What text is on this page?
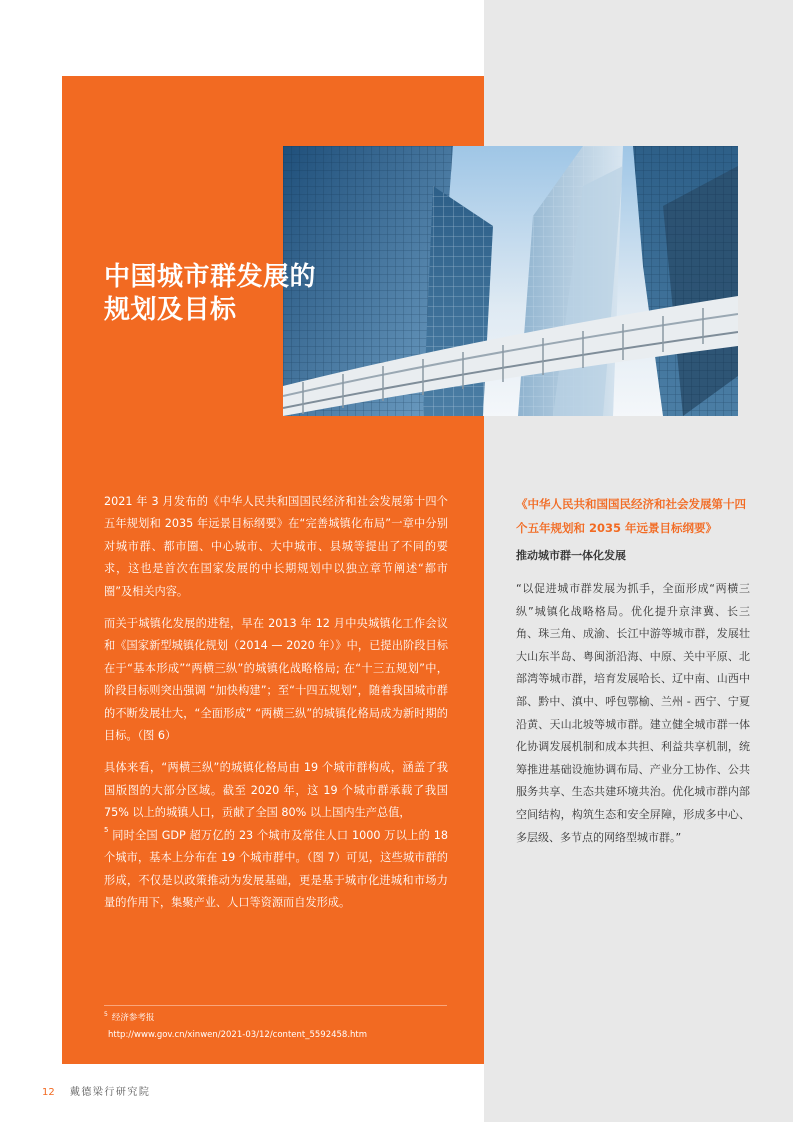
中国城市群发展的
规划及目标

2021 年 3 月发布的《中华人民共和国国民经济和社会发展第十四个五年规划和 2035 年远景目标纲要》在“完善城镇化布局”一章中分别对城市群、都市圈、中心城市、大中城市、县城等提出了不同的要求，这也是首次在国家发展的中长期规划中以独立章节阐述“都市圈”及相关内容。

而关于城镇化发展的进程，早在 2013 年 12 月中央城镇化工作会议和《国家新型城镇化规划（2014 — 2020 年）》中，已提出阶段目标在于“基本形成”“两横三纵”的城镇化战略格局; 在“十三五规划”中，阶段目标则突出强调 “加快构建”；至“十四五规划”，随着我国城市群的不断发展壮大，“全面形成” “两横三纵”的城镇化格局成为新时期的目标。（图 6）

具体来看，“两横三纵”的城镇化格局由 19 个城市群构成，涵盖了我国版图的大部分区域。截至 2020 年，这 19 个城市群承载了我国 75% 以上的城镇人口，贡献了全国 80% 以上国内生产总值，
$^5$ 同时全国 GDP 超万亿的 23 个城市及常住人口 1000 万以上的 18 个城市，基本上分布在 19 个城市群中。（图 7）可见，这些城市群的形成，不仅是以政策推动为发展基础，更是基于城市化进城和市场力量的作用下，集聚产业、人口等资源而自发形成。

$^5$ 经济参考报
http://www.gov.cn/xinwen/2021-03/12/content_5592458.htm
《中华人民共和国国民经济和社会发展第十四个五年规划和 2035 年远景目标纲要》
推动城市群一体化发展
“以促进城市群发展为抓手，全面形成“两横三纵”城镇化战略格局。优化提升京津冀、长三角、珠三角、成渝、长江中游等城市群，发展壮大山东半岛、粤闽浙沿海、中原、关中平原、北部湾等城市群，培育发展哈长、辽中南、山西中部、黔中、滇中、呼包鄂榆、兰州 - 西宁、宁夏沿黄、天山北坡等城市群。建立健全城市群一体化协调发展机制和成本共担、利益共享机制，统筹推进基础设施协调布局、产业分工协作、公共服务共享、生态共建环境共治。优化城市群内部空间结构，构筑生态和安全屏障，形成多中心、多层级、多节点的网络型城市群。”
12 戴德梁行研究院
